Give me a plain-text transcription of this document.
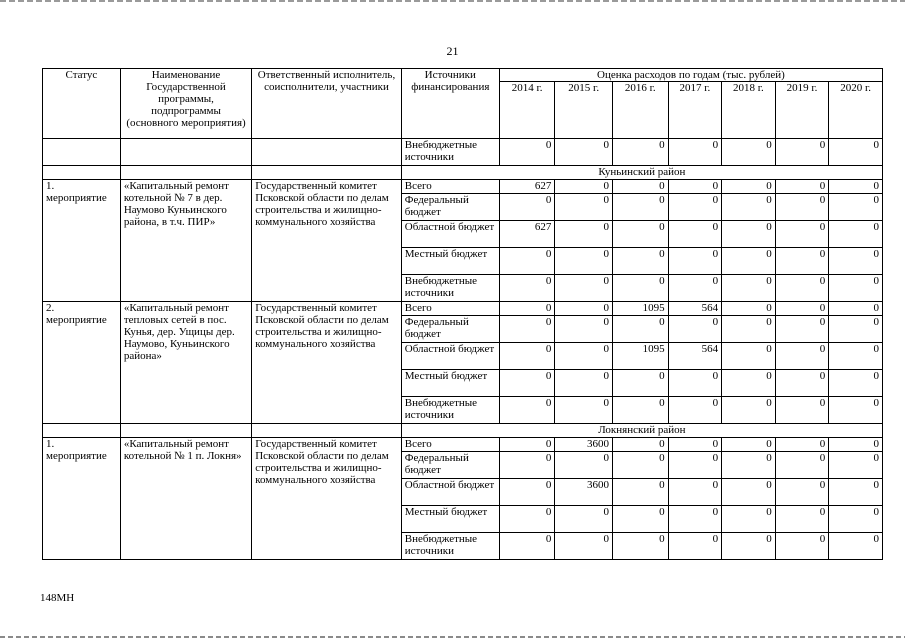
21
Статус	Наименование Государственной программы, подпрограммы (основного мероприятия)	Ответственный исполнитель, соисполнители, участники	Источники финансирования	Оценка расходов по годам (тыс. рублей)						
				2014 г.	2015 г.	2016 г.	2017 г.	2018 г.	2019 г.	2020 г.
			Внебюджетные источники	0	0	0	0	0	0	0
			Куньинский район							
1. мероприятие	«Капитальный ремонт котельной № 7 в дер. Наумово Куньинского района, в т.ч. ПИР»	Государственный комитет Псковской области по делам строительства и жилищно-коммунального хозяйства	Всего	627	0	0	0	0	0	0
			Федеральный бюджет	0	0	0	0	0	0	0
			Областной бюджет	627	0	0	0	0	0	0
			Местный бюджет	0	0	0	0	0	0	0
			Внебюджетные источники	0	0	0	0	0	0	0
2. мероприятие	«Капитальный ремонт тепловых сетей в пос. Кунья, дер. Ущицы дер. Наумово, Куньинского района»	Государственный комитет Псковской области по делам строительства и жилищно-коммунального хозяйства	Всего	0	0	1095	564	0	0	0
			Федеральный бюджет	0	0	0	0	0	0	0
			Областной бюджет	0	0	1095	564	0	0	0
			Местный бюджет	0	0	0	0	0	0	0
			Внебюджетные источники	0	0	0	0	0	0	0
			Локнянский район							
1. мероприятие	«Капитальный ремонт котельной № 1 п. Локня»	Государственный комитет Псковской области по делам строительства и жилищно-коммунального хозяйства	Всего	0	3600	0	0	0	0	0
			Федеральный бюджет	0	0	0	0	0	0	0
			Областной бюджет	0	3600	0	0	0	0	0
			Местный бюджет	0	0	0	0	0	0	0
			Внебюджетные источники	0	0	0	0	0	0	0
148МН
